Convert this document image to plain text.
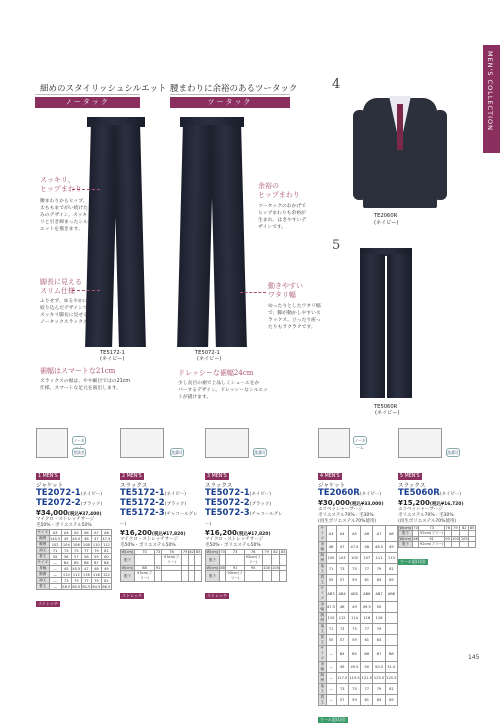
MEN'S COLLECTION
細めのスタイリッシュシルエット 腰まわりに余裕のあるツータック
ノータック	ツータック
スッキリ、
ヒップまわり
腰まわりからヒップ、
太ももまでがい続けた
みのデザイン。スッキ
リと引き締まったシル
エットを描きます。
脚長に見える
スリム仕様
ふりせず、ゆるやかに
絞り込んだデザインで、
スッキリ脚長に見せる
ノータックスラックス。
TE5172-1
(ネイビー)
裾幅はスマートな21cm
スラックスの裾は、やや細目ではの21cm
仕様。スマートな足元を演出します。
余裕の
ヒップまわり
ツータックのおかげで
ヒップまわりも余裕が
生まれ、はきやすいデ
ザインです。
動きやすい
ワタリ幅
ゆったりとしたワタリ幅
で、脚が動かしやすいス
ラックス。立ったり座っ
たりもラクラクです。
TE5072-1
(ネイビー)
ドレッシーな裾幅24cm
少し長目の裾で上品しくシューエをか
バーするデザイン。ドレッシーなシルエッ
トが描けます。
4
TE2060R
(ネイビー)
5
TE5060R
(ネイビー)
ノーネーム
背抜き	洗濯可	洗濯可
ノーネーム
洗濯可
1 MEN'S
ジャケット
TE2072-1(ネイビー)
TE2072-2(ブラック)
¥34,000(税込¥37,400)
マイクロ・ストレッチサージ
毛50%・ポリエステル50%
サイズ	A3	A4	A5	A6	A7	A8
胸囲	145.5	45	45.5	46	47	47.5
胴囲	102	104	106	108	110	112
袖丈	71	73	75	77	79	81
着丈	55	56	57	58	59	60
サイズ	—	B4	B5	B6	B7	B8
身幅	—	45	45.5	47	48	49
胸囲	—	110	112	116	118	122
袖丈	—	73	75	77	79	81
着丈	—	58.5	60.5	62.5	64.5	66.5
ストレッチ
2 MEN'S
スラックス
TE5172-1(ネイビー)
TE5172-2(ブラック)
TE5172-3(チャコールグレー)
¥16,200(税込¥17,820)
マイクロ・ストレッチサージ
毛50%・ポリエステル50%
W(cm)	70	73	76	79	82	85
股下			93cm(フリー)			
W(cm)	88	91				
股下	93cm(フリー)					
ストレッチ
3 MEN'S
スラックス
TE5072-1(ネイビー)
TE5072-2(ブラック)
TE5072-3(チャコールグレー)
¥16,200(税込¥17,820)
マイクロ・ストレッチサージ
毛50%・ポリエステル50%
W(cm)	70	73	76	79	82	85
股下			93cm(フリー)			
W(cm)	88	91	95	100	105	
股下		93cm(フリー)				
ストレッチ
4 MEN'S
ジャケット
TE2060R(ネイビー)
¥30,000(税込¥33,000)
エコベッシャーサージ
ポリエステル70%・毛30%
(再生ポリエステル70%使用)
サイズ	A3	A4	A5	A6	A7	A8
身幅	46	47	47.5	48	48.5	49
胸囲	100	103	105	107	111	113
袖丈	71	73	75	77	79	81
着丈	55	57	59	61	63	65
サイズ	AB3	AB4	AB5	AB6	AB7	AB8
身幅	47.5	48	49	49.5	50	
胸囲	110	112	114	116	118	
袖丈	71	73	75	77	79	
着丈	55	57	59	61	63	
サイズ	—	B4	B5	B6	B7	B8
身幅	—	49	49.5	50	50.5	51.5
胸囲	—	117.5	119.5	121.5	123.5	125.5
袖丈	—	73	75	77	79	81
着丈	—	57	59	61	63	65
ウール混(1回)
5 MEN'S
スラックス
TE5060R(ネイビー)
¥15,200(税込¥16,720)
エコベッシャーサージ
ポリエステル70%・毛30%
(再生ポリエステル70%使用)
W(cm)	70	73	76	79	82	85
股下		92cm(フリー)				
W(cm)	88	91	95	100	105	
股下		92cm(フリー)				
ウール混(1回)
145
